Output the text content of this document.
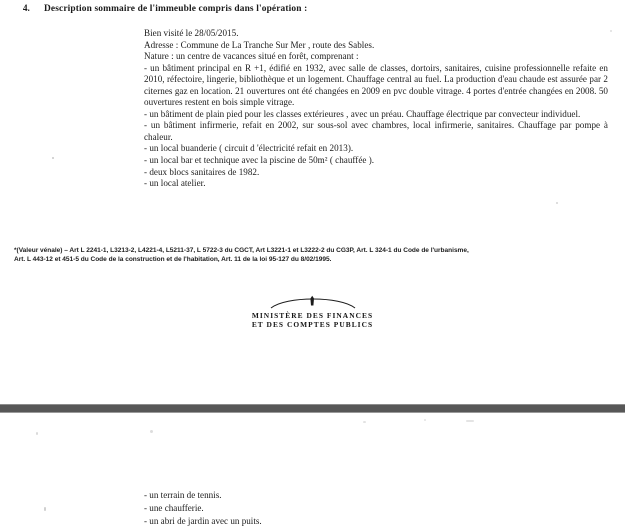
4. Description sommaire de l'immeuble compris dans l'opération :

Bien visité le 28/05/2015.

Adresse : Commune de La Tranche Sur Mer , route des Sables.

Nature : un centre de vacances situé en forêt, comprenant :

- un bâtiment principal en R +1, édifié en 1932, avec salle de classes, dortoirs, sanitaires, cuisine professionnelle refaite en 2010, réfectoire, lingerie, bibliothèque et un logement. Chauffage central au fuel. La production d'eau chaude est assurée par 2 citernes gaz en location. 21 ouvertures ont été changées en 2009 en pvc double vitrage. 4 portes d'entrée changées en 2008. 50 ouvertures restent en bois simple vitrage.

- un bâtiment de plain pied pour les classes extérieures , avec un préau. Chauffage électrique par convecteur individuel.

- un bâtiment infirmerie, refait en 2002, sur sous-sol avec chambres, local infirmerie, sanitaires. Chauffage par pompe à chaleur.

- un local buanderie ( circuit d 'électricité refait en 2013).

- un local bar et technique avec la piscine de 50m² ( chauffée ).

- deux blocs sanitaires de 1982.

- un local atelier.

*(Valeur vénale) – Art L 2241-1, L3213-2, L4221-4, L5211-37, L 5722-3 du CGCT, Art L3221-1 et L3222-2 du CG3P, Art. L 324-1 du Code de l'urbanisme,

Art. L 443-12 et 451-5 du Code de la construction et de l'habitation, Art. 11 de la loi 95-127 du 8/02/1995.

MINISTÈRE DES FINANCES
ET DES COMPTES PUBLICS

- un terrain de tennis.

- une chaufferie.

- un abri de jardin avec un puits.
